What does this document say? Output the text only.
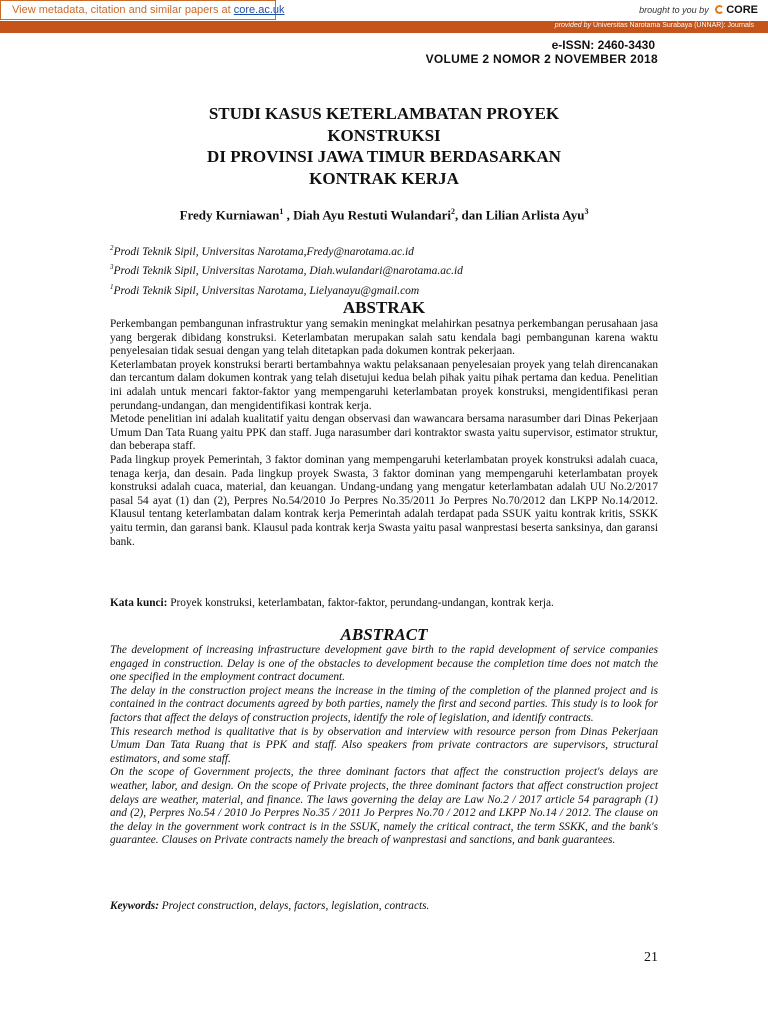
View metadata, citation and similar papers at core.ac.uk	brought to you by CORE
provided by Universitas Narotama Surabaya (UNNAR): Journals
e-ISSN: 2460-3430
VOLUME 2 NOMOR 2 NOVEMBER 2018
STUDI KASUS KETERLAMBATAN PROYEK
KONSTRUKSI
DI PROVINSI JAWA TIMUR BERDASARKAN
KONTRAK KERJA
Fredy Kurniawan$^1$ , Diah Ayu Restuti Wulandari$^2$, dan Lilian Arlista Ayu$^3$
$^2$Prodi Teknik Sipil, Universitas Narotama,Fredy@narotama.ac.id
$^3$Prodi Teknik Sipil, Universitas Narotama, Diah.wulandari@narotama.ac.id
$^1$Prodi Teknik Sipil, Universitas Narotama, Lielyanayu@gmail.com
ABSTRAK

Perkembangan pembangunan infrastruktur yang semakin meningkat melahirkan pesatnya perkembangan perusahaan jasa yang bergerak dibidang konstruksi. Keterlambatan merupakan salah satu kendala bagi pembangunan karena waktu penyelesaian tidak sesuai dengan yang telah ditetapkan pada dokumen kontrak pekerjaan.

Keterlambatan proyek konstruksi berarti bertambahnya waktu pelaksanaan penyelesaian proyek yang telah direncanakan dan tercantum dalam dokumen kontrak yang telah disetujui kedua belah pihak yaitu pihak pertama dan kedua. Penelitian ini adalah untuk mencari faktor-faktor yang mempengaruhi keterlambatan proyek konstruksi, mengidentifikasi peran perundang-undangan, dan mengidentifikasi kontrak kerja.

Metode penelitian ini adalah kualitatif yaitu dengan observasi dan wawancara bersama narasumber dari Dinas Pekerjaan Umum Dan Tata Ruang yaitu PPK dan staff. Juga narasumber dari kontraktor swasta yaitu supervisor, estimator struktur, dan beberapa staff.

Pada lingkup proyek Pemerintah, 3 faktor dominan yang mempengaruhi keterlambatan proyek konstruksi adalah cuaca, tenaga kerja, dan desain. Pada lingkup proyek Swasta, 3 faktor dominan yang mempengaruhi keterlambatan proyek konstruksi adalah cuaca, material, dan keuangan. Undang-undang yang mengatur keterlambatan adalah UU No.2/2017 pasal 54 ayat (1) dan (2), Perpres No.54/2010 Jo Perpres No.35/2011 Jo Perpres No.70/2012 dan LKPP No.14/2012. Klausul tentang keterlambatan dalam kontrak kerja Pemerintah adalah terdapat pada SSUK yaitu kontrak kritis, SSKK yaitu termin, dan garansi bank. Klausul pada kontrak kerja Swasta yaitu pasal wanprestasi beserta sanksinya, dan garansi bank.

Kata kunci: Proyek konstruksi, keterlambatan, faktor-faktor, perundang-undangan, kontrak kerja.
ABSTRACT

The development of increasing infrastructure development gave birth to the rapid development of service companies engaged in construction. Delay is one of the obstacles to development because the completion time does not match the one specified in the employment contract document.

The delay in the construction project means the increase in the timing of the completion of the planned project and is contained in the contract documents agreed by both parties, namely the first and second parties. This study is to look for factors that affect the delays of construction projects, identify the role of legislation, and identify contracts.

This research method is qualitative that is by observation and interview with resource person from Dinas Pekerjaan Umum Dan Tata Ruang that is PPK and staff. Also speakers from private contractors are supervisors, structural estimators, and some staff.

On the scope of Government projects, the three dominant factors that affect the construction project's delays are weather, labor, and design. On the scope of Private projects, the three dominant factors that affect construction project delays are weather, material, and finance. The laws governing the delay are Law No.2 / 2017 article 54 paragraph (1) and (2), Perpres No.54 / 2010 Jo Perpres No.35 / 2011 Jo Perpres No.70 / 2012 and LKPP No.14 / 2012. The clause on the delay in the government work contract is in the SSUK, namely the critical contract, the term SSKK, and the bank's guarantee. Clauses on Private contracts namely the breach of wanprestasi and sanctions, and bank guarantees.

Keywords: Project construction, delays, factors, legislation, contracts.
21
